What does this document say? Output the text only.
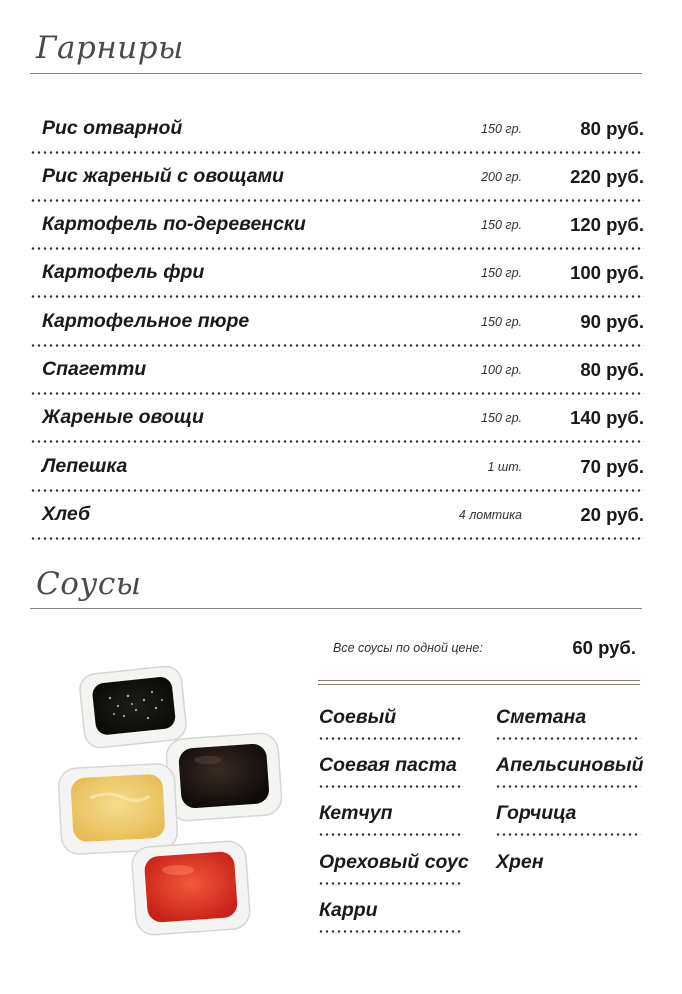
Гарниры
Рис отварной	150 гр.	80 руб.
Рис жареный с овощами	200 гр.	220 руб.
Картофель по-деревенски	150 гр.	120 руб.
Картофель фри	150 гр.	100 руб.
Картофельное пюре	150 гр.	90 руб.
Спагетти	100 гр.	80 руб.
Жареные овощи	150 гр.	140 руб.
Лепешка	1 шт.	70 руб.
Хлеб	4 ломтика	20 руб.
Соусы
Все соусы по одной цене:	60 руб.
Соевый
Соевая паста
Кетчуп
Ореховый соус
Карри
Сметана
Апельсиновый
Горчица
Хрен
